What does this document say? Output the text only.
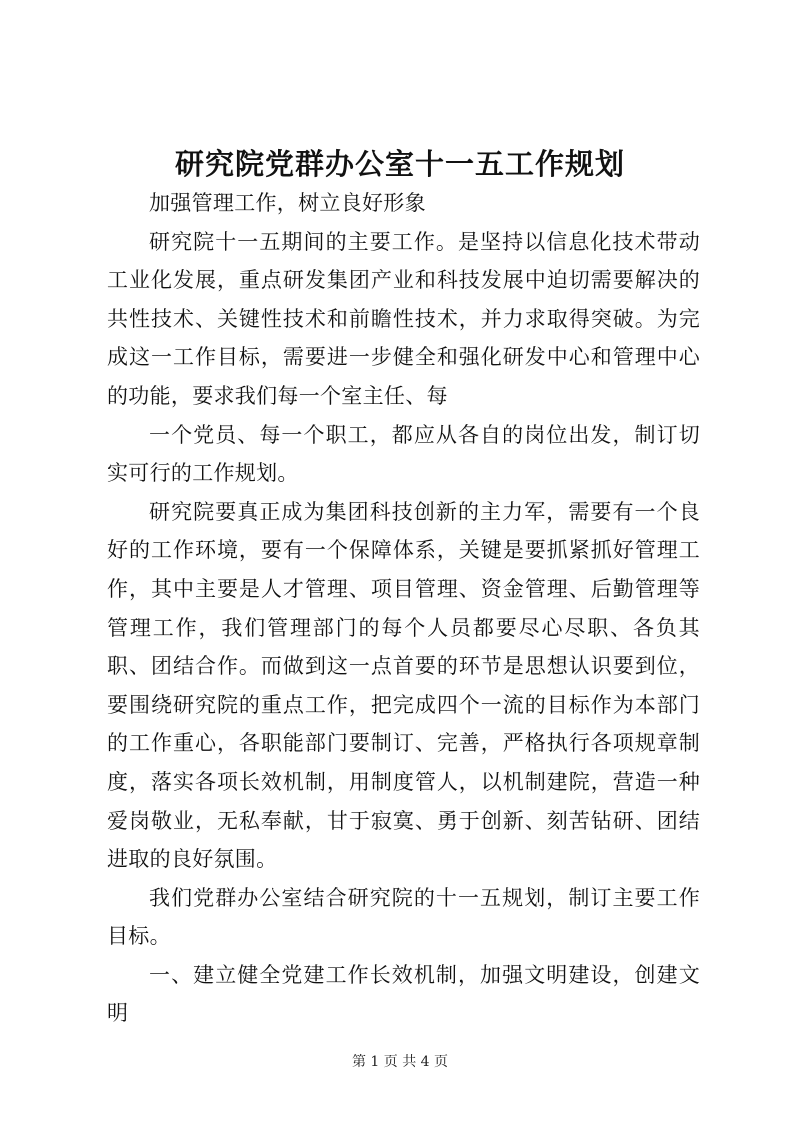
研究院党群办公室十一五工作规划

加强管理工作，树立良好形象

研究院十一五期间的主要工作。是坚持以信息化技术带动工业化发展，重点研发集团产业和科技发展中迫切需要解决的共性技术、关键性技术和前瞻性技术，并力求取得突破。为完成这一工作目标，需要进一步健全和强化研发中心和管理中心的功能，要求我们每一个室主任、每

一个党员、每一个职工，都应从各自的岗位出发，制订切实可行的工作规划。

研究院要真正成为集团科技创新的主力军，需要有一个良好的工作环境，要有一个保障体系，关键是要抓紧抓好管理工作，其中主要是人才管理、项目管理、资金管理、后勤管理等管理工作，我们管理部门的每个人员都要尽心尽职、各负其职、团结合作。而做到这一点首要的环节是思想认识要到位，要围绕研究院的重点工作，把完成四个一流的目标作为本部门的工作重心，各职能部门要制订、完善，严格执行各项规章制度，落实各项长效机制，用制度管人，以机制建院，营造一种爱岗敬业，无私奉献，甘于寂寞、勇于创新、刻苦钻研、团结进取的良好氛围。

我们党群办公室结合研究院的十一五规划，制订主要工作目标。

一、建立健全党建工作长效机制，加强文明建设，创建文明

第 1 页 共 4 页
